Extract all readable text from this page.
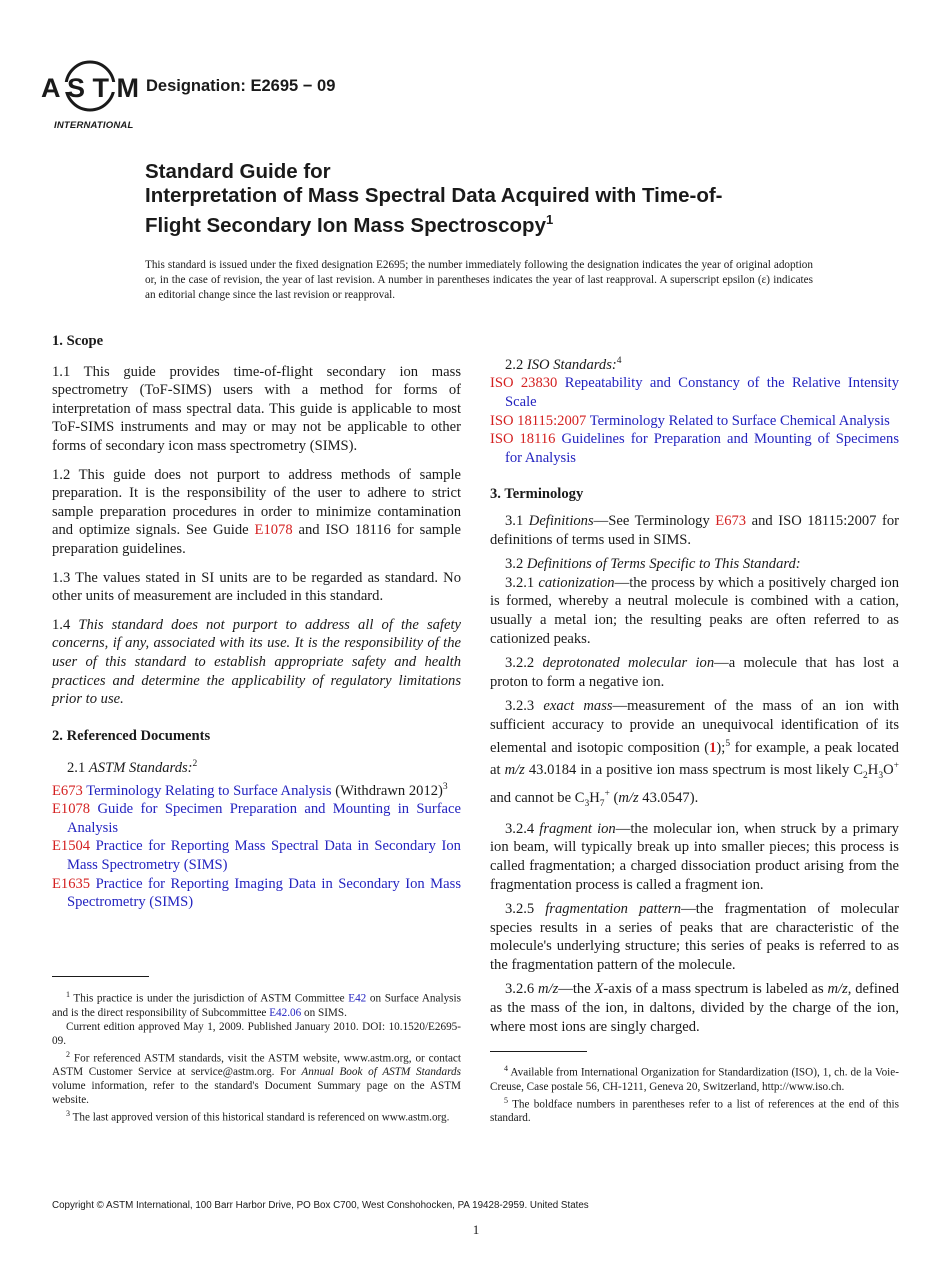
A S T M
INTERNATIONAL
Designation: E2695 − 09
Standard Guide for
Interpretation of Mass Spectral Data Acquired with Time-of-
Flight Secondary Ion Mass Spectroscopy$^1$
This standard is issued under the fixed designation E2695; the number immediately following the designation indicates the year of original adoption or, in the case of revision, the year of last revision. A number in parentheses indicates the year of last reapproval. A superscript epsilon (ε) indicates an editorial change since the last revision or reapproval.
1. Scope
1.1 This guide provides time-of-flight secondary ion mass spectrometry (ToF-SIMS) users with a method for forms of interpretation of mass spectral data. This guide is applicable to most ToF-SIMS instruments and may or may not be applicable to other forms of secondary icon mass spectrometry (SIMS).
1.2 This guide does not purport to address methods of sample preparation. It is the responsibility of the user to adhere to strict sample preparation procedures in order to minimize contamination and optimize signals. See Guide E1078 and ISO 18116 for sample preparation guidelines.
1.3 The values stated in SI units are to be regarded as standard. No other units of measurement are included in this standard.
1.4 This standard does not purport to address all of the safety concerns, if any, associated with its use. It is the responsibility of the user of this standard to establish appropriate safety and health practices and determine the applicability of regulatory limitations prior to use.
2. Referenced Documents
2.1 ASTM Standards:$^2$
E673 Terminology Relating to Surface Analysis (Withdrawn 2012)$^3$
E1078 Guide for Specimen Preparation and Mounting in Surface Analysis
E1504 Practice for Reporting Mass Spectral Data in Secondary Ion Mass Spectrometry (SIMS)
E1635 Practice for Reporting Imaging Data in Secondary Ion Mass Spectrometry (SIMS)
2.2 ISO Standards:$^4$
ISO 23830 Repeatability and Constancy of the Relative Intensity Scale
ISO 18115:2007 Terminology Related to Surface Chemical Analysis
ISO 18116 Guidelines for Preparation and Mounting of Specimens for Analysis
3. Terminology
3.1 Definitions—See Terminology E673 and ISO 18115:2007 for definitions of terms used in SIMS.
3.2 Definitions of Terms Specific to This Standard:
3.2.1 cationization—the process by which a positively charged ion is formed, whereby a neutral molecule is combined with a cation, usually a metal ion; the resulting peaks are often referred to as cationized peaks.
3.2.2 deprotonated molecular ion—a molecule that has lost a proton to form a negative ion.
3.2.3 exact mass—measurement of the mass of an ion with sufficient accuracy to provide an unequivocal identification of its elemental and isotopic composition (1);$^5$ for example, a peak located at m/z 43.0184 in a positive ion mass spectrum is most likely $C_2H_3O^+$ and cannot be $C_3H_7^+$ (m/z 43.0547).
3.2.4 fragment ion—the molecular ion, when struck by a primary ion beam, will typically break up into smaller pieces; this process is called fragmentation; a charged dissociation product arising from the fragmentation process is called a fragment ion.
3.2.5 fragmentation pattern—the fragmentation of molecular species results in a series of peaks that are characteristic of the molecule's underlying structure; this series of peaks is referred to as the fragmentation pattern of the molecule.
3.2.6 m/z—the X-axis of a mass spectrum is labeled as m/z, defined as the mass of the ion, in daltons, divided by the charge of the ion, where most ions are singly charged.

$^1$ This practice is under the jurisdiction of ASTM Committee E42 on Surface Analysis and is the direct responsibility of Subcommittee E42.06 on SIMS.

Current edition approved May 1, 2009. Published January 2010. DOI: 10.1520/E2695-09.

$^2$ For referenced ASTM standards, visit the ASTM website, www.astm.org, or contact ASTM Customer Service at service@astm.org. For Annual Book of ASTM Standards volume information, refer to the standard's Document Summary page on the ASTM website.

$^3$ The last approved version of this historical standard is referenced on www.astm.org.

$^4$ Available from International Organization for Standardization (ISO), 1, ch. de la Voie-Creuse, Case postale 56, CH-1211, Geneva 20, Switzerland, http://www.iso.ch.

$^5$ The boldface numbers in parentheses refer to a list of references at the end of this standard.

Copyright © ASTM International, 100 Barr Harbor Drive, PO Box C700, West Conshohocken, PA 19428-2959. United States
1
